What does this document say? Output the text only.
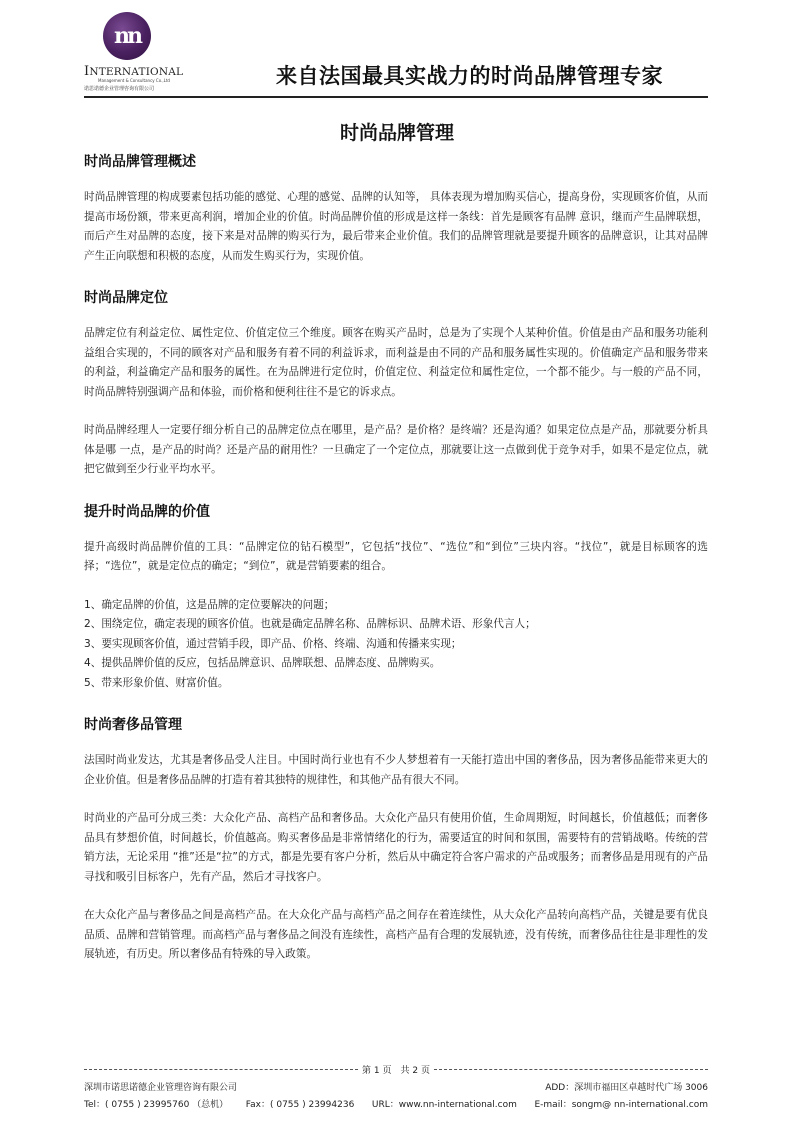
nn
INTERNATIONAL
Management & Consultancy Co.,Ltd
诺思诺德企业管理咨询有限公司
来自法国最具实战力的时尚品牌管理专家
时尚品牌管理
时尚品牌管理概述

时尚品牌管理的构成要素包括功能的感觉、心理的感觉、品牌的认知等， 具体表现为增加购买信心，提高身份，实现顾客价值，从而提高市场份额，带来更高利润，增加企业的价值。时尚品牌价值的形成是这样一条线：首先是顾客有品牌 意识，继而产生品牌联想，而后产生对品牌的态度，接下来是对品牌的购买行为，最后带来企业价值。我们的品牌管理就是要提升顾客的品牌意识，让其对品牌产生正向联想和积极的态度，从而发生购买行为，实现价值。

时尚品牌定位

品牌定位有利益定位、属性定位、价值定位三个维度。顾客在购买产品时，总是为了实现个人某种价值。价值是由产品和服务功能利益组合实现的，不同的顾客对产品和服务有着不同的利益诉求，而利益是由不同的产品和服务属性实现的。价值确定产品和服务带来的利益，利益确定产品和服务的属性。在为品牌进行定位时，价值定位、利益定位和属性定位，一个都不能少。与一般的产品不同，时尚品牌特别强调产品和体验，而价格和便利往往不是它的诉求点。

时尚品牌经理人一定要仔细分析自己的品牌定位点在哪里，是产品？是价格？是终端？还是沟通？如果定位点是产品，那就要分析具体是哪 一点，是产品的时尚？还是产品的耐用性？一旦确定了一个定位点，那就要让这一点做到优于竞争对手，如果不是定位点，就把它做到至少行业平均水平。

提升时尚品牌的价值

提升高级时尚品牌价值的工具：“品牌定位的钻石模型”，它包括“找位”、“选位”和“到位”三块内容。“找位”，就是目标顾客的选择；“选位”，就是定位点的确定；“到位”，就是营销要素的组合。

1、确定品牌的价值，这是品牌的定位要解决的问题；

2、围绕定位，确定表现的顾客价值。也就是确定品牌名称、品牌标识、品牌术语、形象代言人；

3、要实现顾客价值，通过营销手段，即产品、价格、终端、沟通和传播来实现；

4、提供品牌价值的反应，包括品牌意识、品牌联想、品牌态度、品牌购买。

5、带来形象价值、财富价值。

时尚奢侈品管理

法国时尚业发达，尤其是奢侈品受人注目。中国时尚行业也有不少人梦想着有一天能打造出中国的奢侈品，因为奢侈品能带来更大的企业价值。但是奢侈品品牌的打造有着其独特的规律性，和其他产品有很大不同。

时尚业的产品可分成三类：大众化产品、高档产品和奢侈品。大众化产品只有使用价值，生命周期短，时间越长，价值越低；而奢侈品具有梦想价值，时间越长，价值越高。购买奢侈品是非常情绪化的行为，需要适宜的时间和氛围，需要特有的营销战略。传统的营销方法，无论采用 “推”还是“拉”的方式，都是先要有客户分析，然后从中确定符合客户需求的产品或服务；而奢侈品是用现有的产品寻找和吸引目标客户，先有产品，然后才寻找客户。

在大众化产品与奢侈品之间是高档产品。在大众化产品与高档产品之间存在着连续性，从大众化产品转向高档产品，关键是要有优良品质、品牌和营销管理。而高档产品与奢侈品之间没有连续性，高档产品有合理的发展轨迹，没有传统，而奢侈品往往是非理性的发展轨迹，有历史。所以奢侈品有特殊的导入政策。

第 1 页　共 2 页
深圳市诺思诺德企业管理咨询有限公司	ADD：深圳市福田区卓越时代广场 3006
Tel：( 0755 ) 23995760 （总机） Fax：( 0755 ) 23994236 URL：www.nn-international.com E-mail：songm@ nn-international.com
